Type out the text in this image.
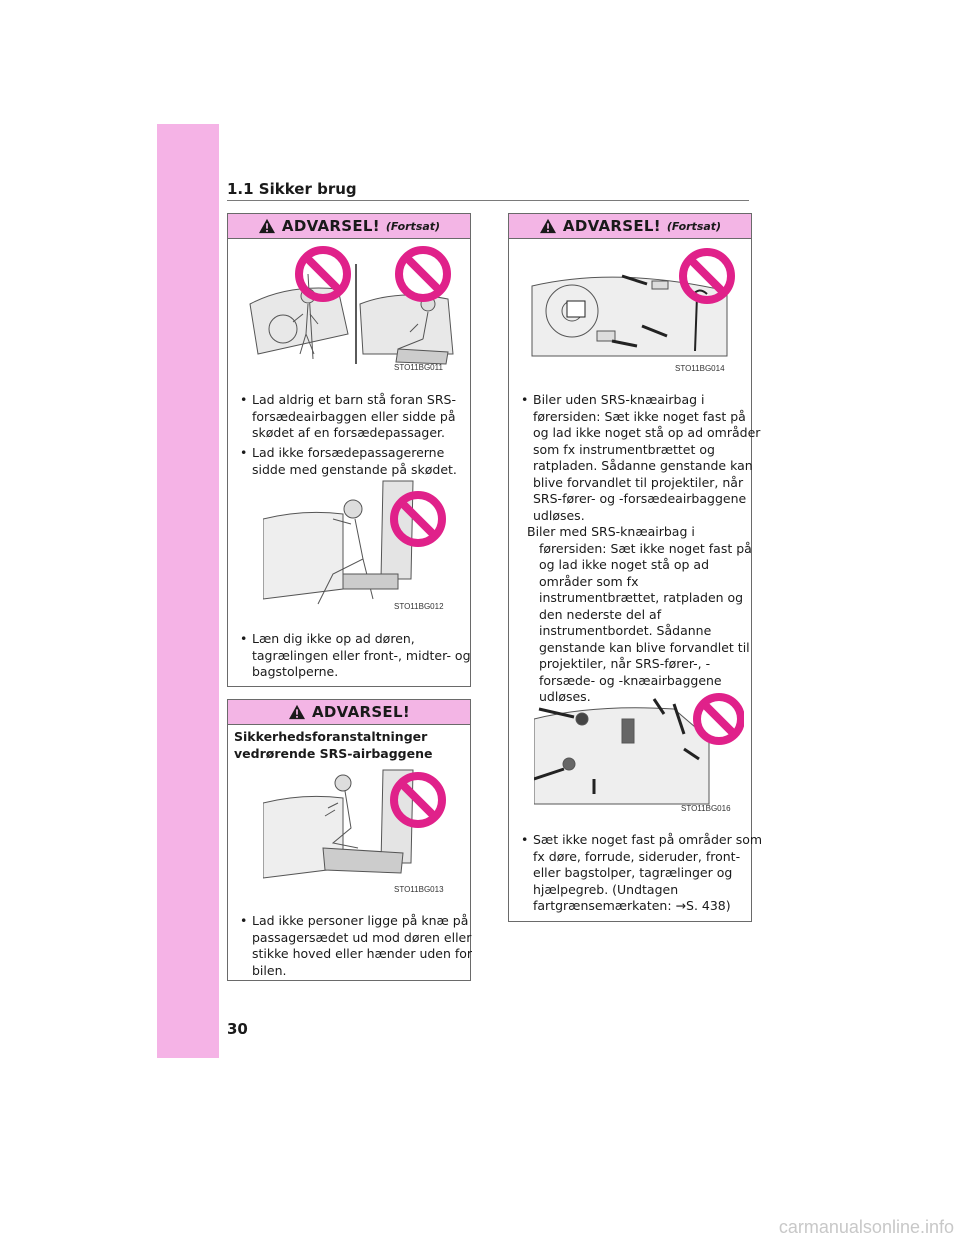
1.1 Sikker brug
ADVARSEL! (Fortsat)
STO11BG011
• Lad aldrig et barn stå foran SRS-forsædeairbaggen eller sidde på skødet af en forsædepassager.
• Lad ikke forsædepassagererne sidde med genstande på skødet.
STO11BG012
• Læn dig ikke op ad døren, tagrælingen eller front-, midter- og bagstolperne.
ADVARSEL!
Sikkerhedsforanstaltninger vedrørende SRS-airbaggene
STO11BG013
• Lad ikke personer ligge på knæ på passagersædet ud mod døren eller stikke hoved eller hænder uden for bilen.
ADVARSEL! (Fortsat)
STO11BG014
• Biler uden SRS-knæairbag i førersiden: Sæt ikke noget fast på og lad ikke noget stå op ad områder som fx instrumentbrættet og ratpladen. Sådanne genstande kan blive forvandlet til projektiler, når SRS-fører- og -forsædeairbaggene udløses.
Biler med SRS-knæairbag i førersiden: Sæt ikke noget fast på og lad ikke noget stå op ad områder som fx instrumentbrættet, ratpladen og den nederste del af instrumentbordet. Sådanne genstande kan blive forvandlet til projektiler, når SRS-fører-, -forsæde- og -knæairbaggene udløses.
STO11BG016
• Sæt ikke noget fast på områder som fx døre, forrude, sideruder, front- eller bagstolper, tagrælinger og hjælpegreb. (Undtagen fartgrænsemærkaten: →S. 438)
30
carmanualsonline.info
